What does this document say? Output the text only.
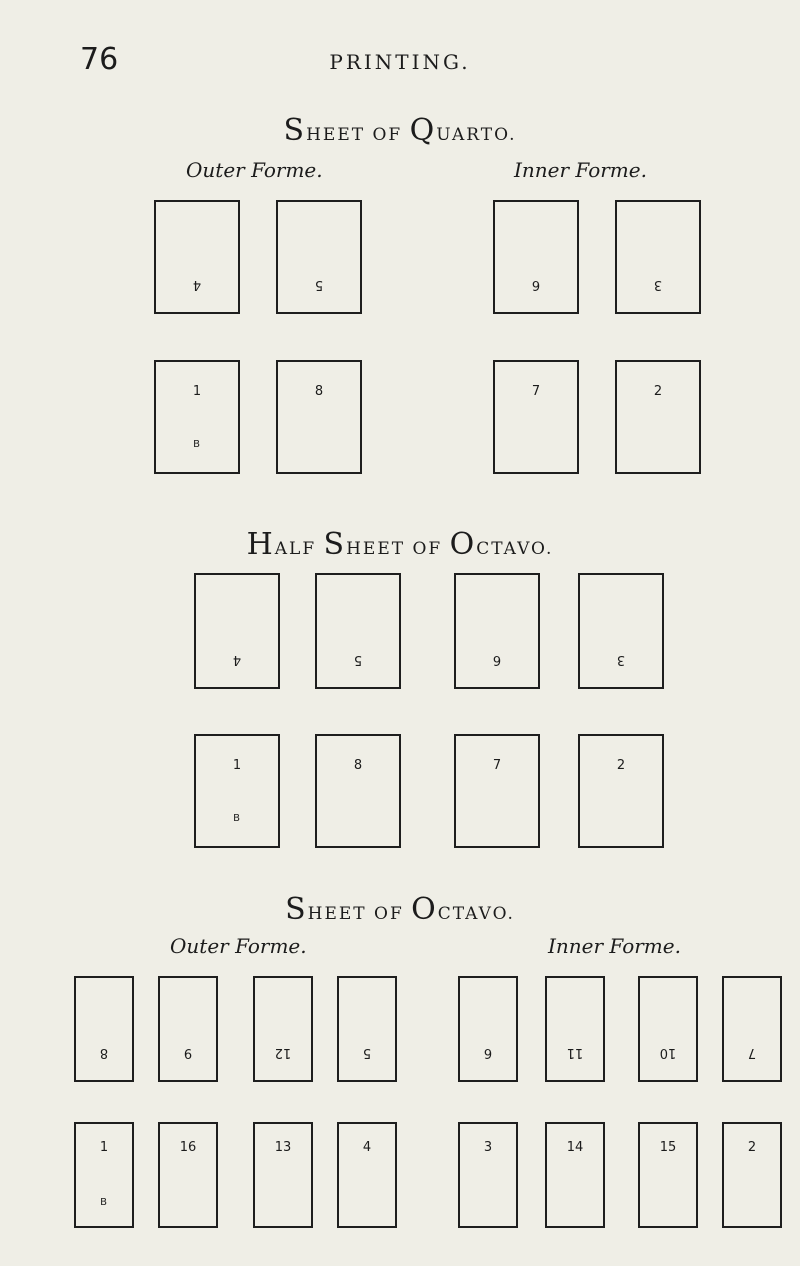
76	PRINTING.
SHEET OF QUARTO.
Outer Forme.	Inner Forme.
4	5	6	3
1
B
8	7	2
HALF SHEET OF OCTAVO.
4	5	6	3
1
B
8	7	2
SHEET OF OCTAVO.
Outer Forme.	Inner Forme.
8	9	12	5	6	11	10	7
1
B
16	13	4	3	14	15	2
